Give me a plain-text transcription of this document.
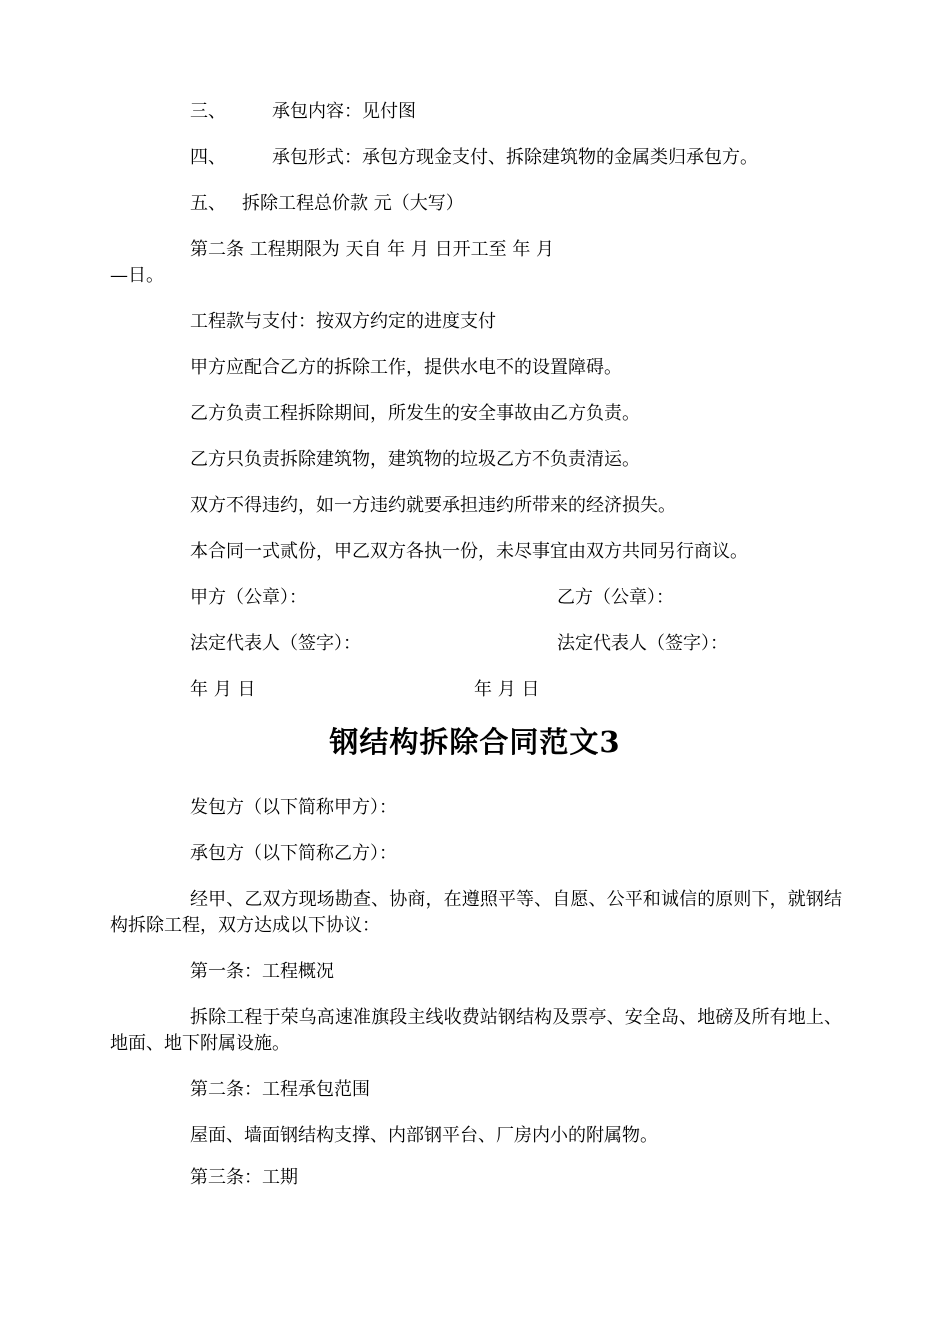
三、	承包内容：见付图
四、	承包形式：承包方现金支付、拆除建筑物的金属类归承包方。
五、 拆除工程总价款 元（大写）
第二条 工程期限为 天自 年 月 日开工至 年 月
—日。
工程款与支付：按双方约定的进度支付
甲方应配合乙方的拆除工作，提供水电不的设置障碍。
乙方负责工程拆除期间，所发生的安全事故由乙方负责。
乙方只负责拆除建筑物，建筑物的垃圾乙方不负责清运。
双方不得违约，如一方违约就要承担违约所带来的经济损失。
本合同一式贰份，甲乙双方各执一份，未尽事宜由双方共同另行商议。
甲方（公章）：	乙方（公章）：
法定代表人（签字）：	法定代表人（签字）：
年 月 日	年 月 日
钢结构拆除合同范文3
发包方（以下简称甲方）：
承包方（以下简称乙方）：
经甲、乙双方现场勘查、协商，在遵照平等、自愿、公平和诚信的原则下，就钢结构拆除工程，双方达成以下协议：
第一条：工程概况
拆除工程于荣乌高速准旗段主线收费站钢结构及票亭、安全岛、地磅及所有地上、地面、地下附属设施。
第二条：工程承包范围
屋面、墙面钢结构支撑、内部钢平台、厂房内小的附属物。
第三条：工期
